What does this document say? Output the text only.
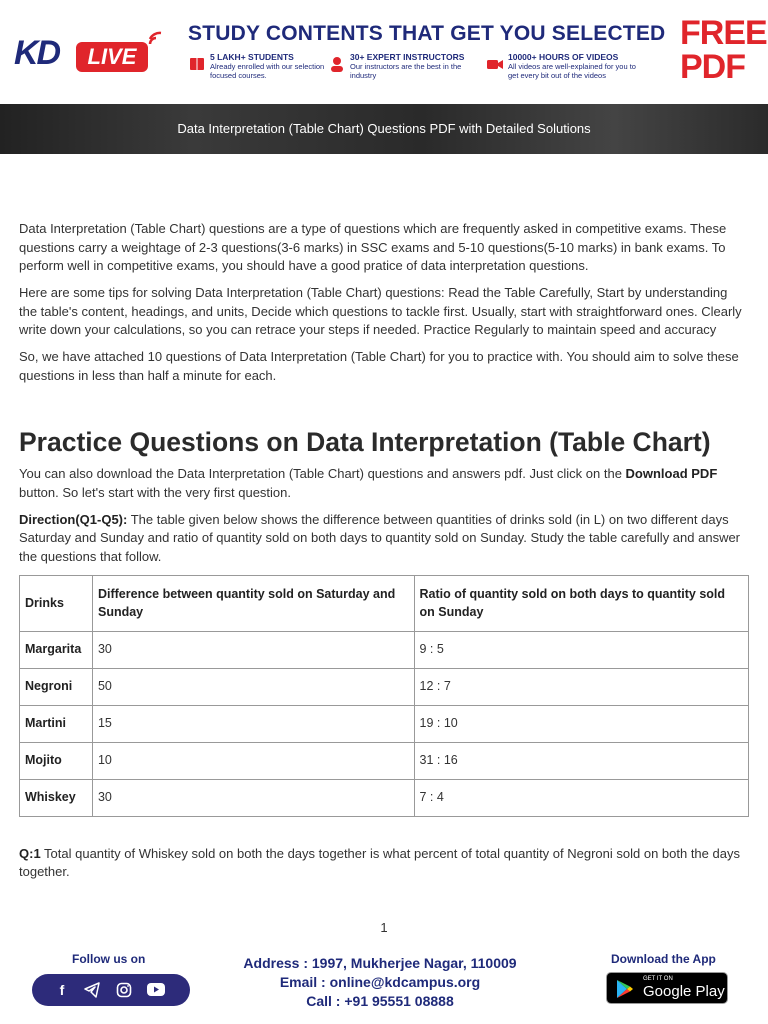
KD	LIVE
STUDY CONTENTS THAT GET YOU SELECTED
5 LAKH+ STUDENTS
Already enrolled with our selection focused courses.
30+ EXPERT INSTRUCTORS
Our instructors are the best in the industry
10000+ HOURS OF VIDEOS
All videos are well-explained for you to get every bit out of the videos
FREE
PDF
Data Interpretation (Table Chart) Questions PDF with Detailed Solutions

Data Interpretation (Table Chart) questions are a type of questions which are frequently asked in competitive exams. These questions carry a weightage of 2-3 questions(3-6 marks) in SSC exams and 5-10 questions(5-10 marks) in bank exams. To perform well in competitive exams, you should have a good pratice of data interpretation questions.

Here are some tips for solving Data Interpretation (Table Chart) questions: Read the Table Carefully, Start by understanding the table's content, headings, and units, Decide which questions to tackle first. Usually, start with straightforward ones. Clearly write down your calculations, so you can retrace your steps if needed. Practice Regularly to maintain speed and accuracy

So, we have attached 10 questions of Data Interpretation (Table Chart) for you to practice with. You should aim to solve these questions in less than half a minute for each.

Practice Questions on Data Interpretation (Table Chart)

You can also download the Data Interpretation (Table Chart) questions and answers pdf. Just click on the Download PDF button. So let's start with the very first question.

Direction(Q1-Q5): The table given below shows the difference between quantities of drinks sold (in L) on two different days Saturday and Sunday and ratio of quantity sold on both days to quantity sold on Sunday. Study the table carefully and answer the questions that follow.

Drinks	Difference between quantity sold on Saturday and Sunday	Ratio of quantity sold on both days to quantity sold on Sunday
Margarita	30	9 : 5
Negroni	50	12 : 7
Martini	15	19 : 10
Mojito	10	31 : 16
Whiskey	30	7 : 4

Q:1 Total quantity of Whiskey sold on both the days together is what percent of total quantity of Negroni sold on both the days together.

1
Follow us on
f
Address : 1997, Mukherjee Nagar, 110009
Email : online@kdcampus.org
Call : +91 95551 08888
Download the App
GET IT ON
Google Play
